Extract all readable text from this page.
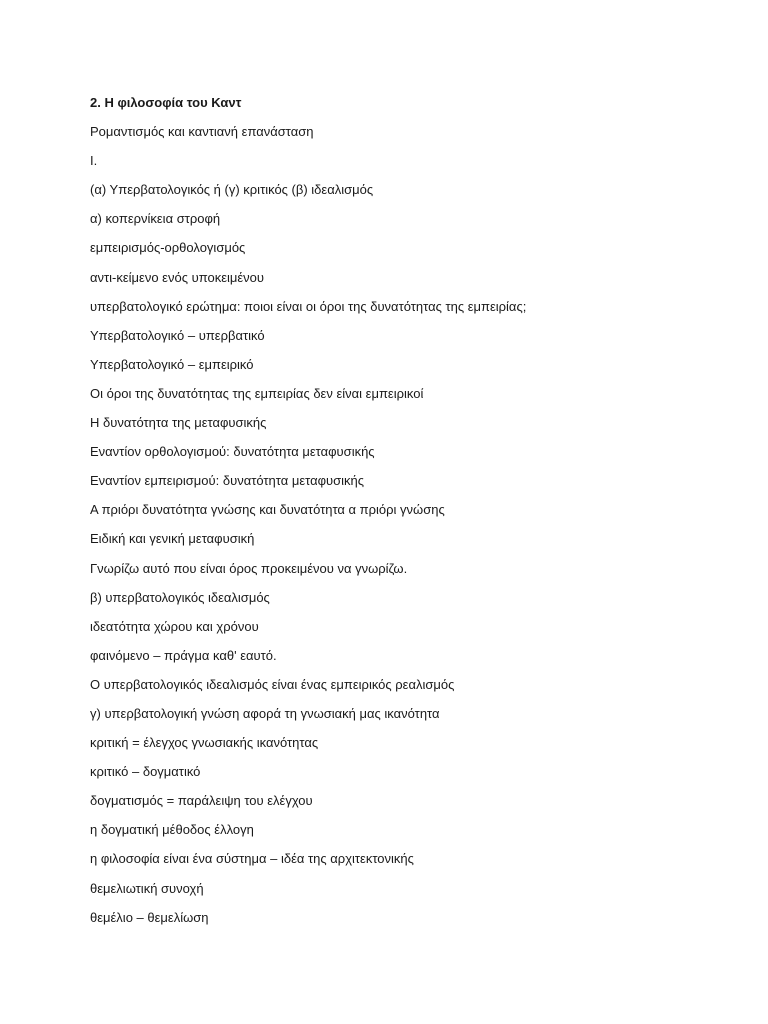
2. Η φιλοσοφία του Καντ
Ρομαντισμός και καντιανή επανάσταση
Ι.
(α) Υπερβατολογικός ή (γ) κριτικός (β) ιδεαλισμός
α) κοπερνίκεια στροφή
εμπειρισμός-ορθολογισμός
αντι-κείμενο ενός υποκειμένου
υπερβατολογικό ερώτημα: ποιοι είναι οι όροι της δυνατότητας της εμπειρίας;
Υπερβατολογικό – υπερβατικό
Υπερβατολογικό – εμπειρικό
Οι όροι της δυνατότητας της εμπειρίας δεν είναι εμπειρικοί
Η δυνατότητα της μεταφυσικής
Εναντίον ορθολογισμού: δυνατότητα μεταφυσικής
Εναντίον εμπειρισμού: δυνατότητα μεταφυσικής
Α πριόρι δυνατότητα γνώσης και δυνατότητα α πριόρι γνώσης
Ειδική και γενική μεταφυσική
Γνωρίζω αυτό που είναι όρος προκειμένου να γνωρίζω.
β) υπερβατολογικός ιδεαλισμός
ιδεατότητα χώρου και χρόνου
φαινόμενο – πράγμα καθ' εαυτό.
Ο υπερβατολογικός ιδεαλισμός είναι ένας εμπειρικός ρεαλισμός
γ) υπερβατολογική γνώση αφορά τη γνωσιακή μας ικανότητα
κριτική = έλεγχος γνωσιακής ικανότητας
κριτικό – δογματικό
δογματισμός = παράλειψη του ελέγχου
η δογματική μέθοδος έλλογη
η φιλοσοφία είναι ένα σύστημα – ιδέα της αρχιτεκτονικής
θεμελιωτική συνοχή
θεμέλιο – θεμελίωση
